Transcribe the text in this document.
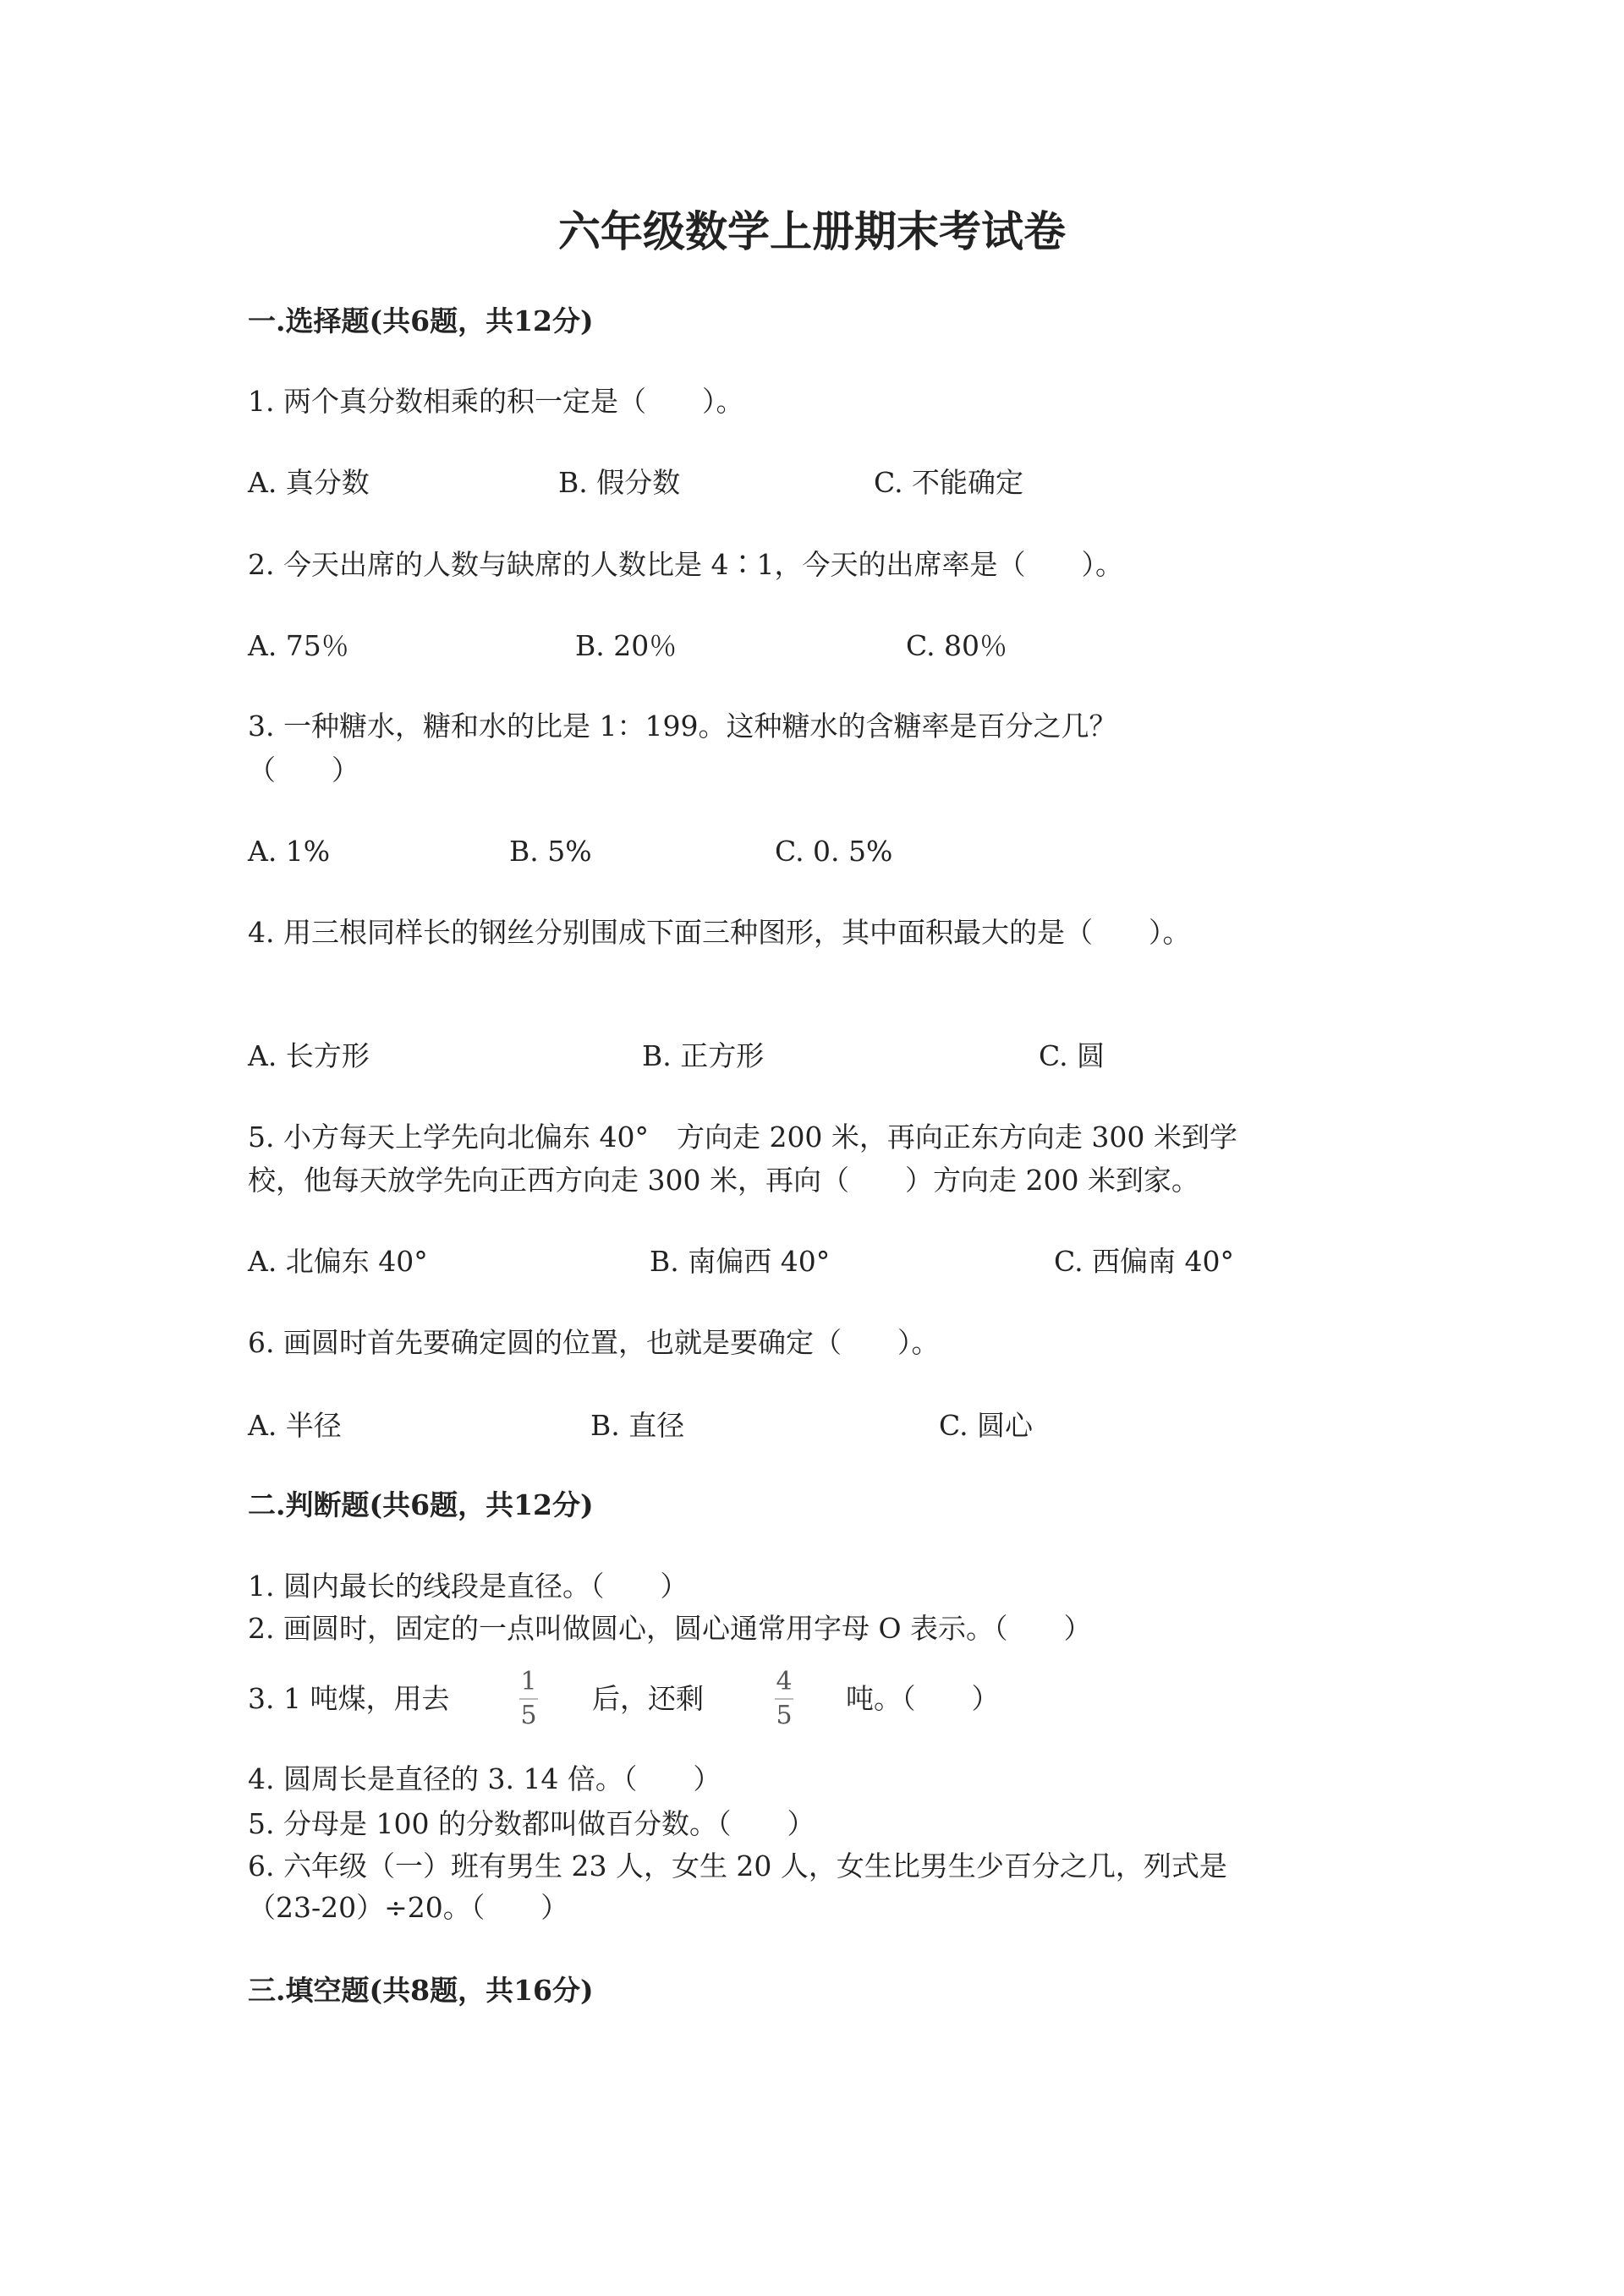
六年级数学上册期末考试卷
一.选择题(共6题，共12分)
1. 两个真分数相乘的积一定是（　　）。
A. 真分数	B. 假分数	C. 不能确定
2. 今天出席的人数与缺席的人数比是 4∶1，今天的出席率是（　　）。
A. 75％	B. 20％	C. 80％
3. 一种糖水，糖和水的比是 1：199。这种糖水的含糖率是百分之几？
（　　）
A. 1%	B. 5%	C. 0. 5%
4. 用三根同样长的钢丝分别围成下面三种图形，其中面积最大的是（　　）。
A. 长方形	B. 正方形	C. 圆
5. 小方每天上学先向北偏东 40°　方向走 200 米，再向正东方向走 300 米到学
校，他每天放学先向正西方向走 300 米，再向（　　）方向走 200 米到家。
A. 北偏东 40°	B. 南偏西 40°	C. 西偏南 40°
6. 画圆时首先要确定圆的位置，也就是要确定（　　）。
A. 半径	B. 直径	C. 圆心
二.判断题(共6题，共12分)
1. 圆内最长的线段是直径。（　　）
2. 画圆时，固定的一点叫做圆心，圆心通常用字母 O 表示。（　　）
3. 1 吨煤，用去
1
5
后，还剩
4
5
吨。（　　）
4. 圆周长是直径的 3. 14 倍。（　　）
5. 分母是 100 的分数都叫做百分数。（　　）
6. 六年级（一）班有男生 23 人，女生 20 人，女生比男生少百分之几，列式是
（23-20）÷20。（　　）
三.填空题(共8题，共16分)
